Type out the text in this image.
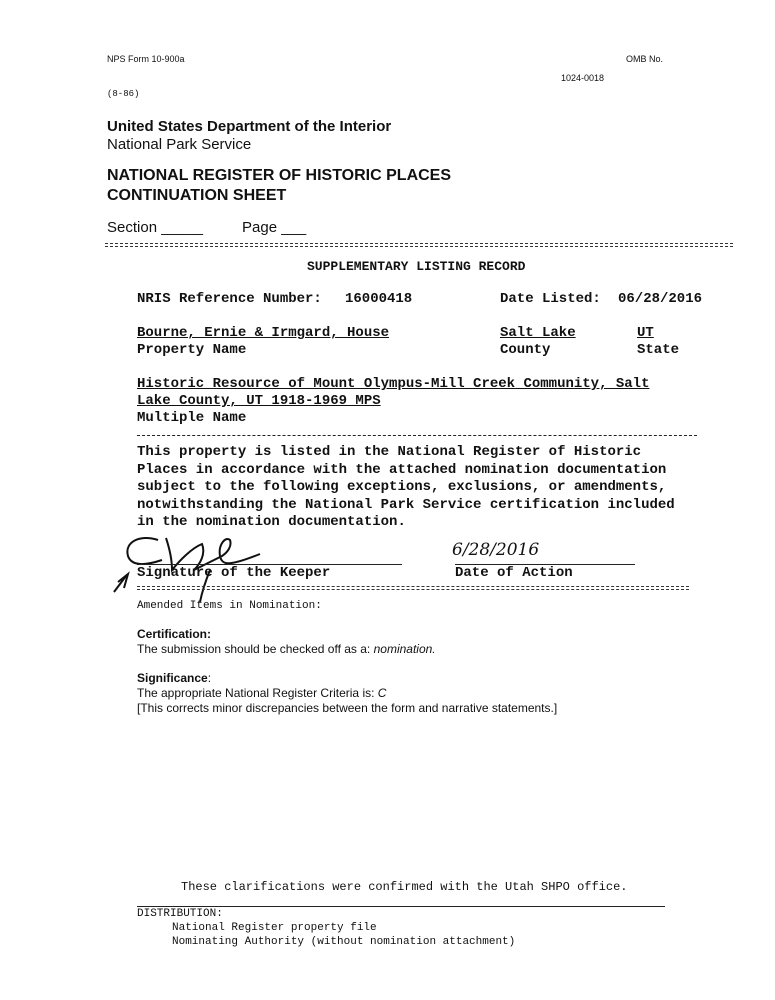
NPS Form 10-900a	OMB No.
1024-0018
(8-86)
United States Department of the Interior
National Park Service
NATIONAL REGISTER OF HISTORIC PLACES
CONTINUATION SHEET
Section _____	Page ___
SUPPLEMENTARY LISTING RECORD
NRIS Reference Number: 16000418	Date Listed: 06/28/2016
Bourne, Ernie & Irmgard, House	Salt Lake	UT
Property Name	County	State
Historic Resource of Mount Olympus-Mill Creek Community, Salt
Lake County, UT 1918-1969 MPS
Multiple Name
This property is listed in the National Register of Historic
Places in accordance with the attached nomination documentation
subject to the following exceptions, exclusions, or amendments,
notwithstanding the National Park Service certification included
in the nomination documentation.
Signature of the Keeper
6/28/2016
Date of Action
Amended Items in Nomination:
Certification:
The submission should be checked off as a: nomination.
Significance:
The appropriate National Register Criteria is: C
[This corrects minor discrepancies between the form and narrative statements.]
These clarifications were confirmed with the Utah SHPO office.
DISTRIBUTION:
National Register property file
Nominating Authority (without nomination attachment)
